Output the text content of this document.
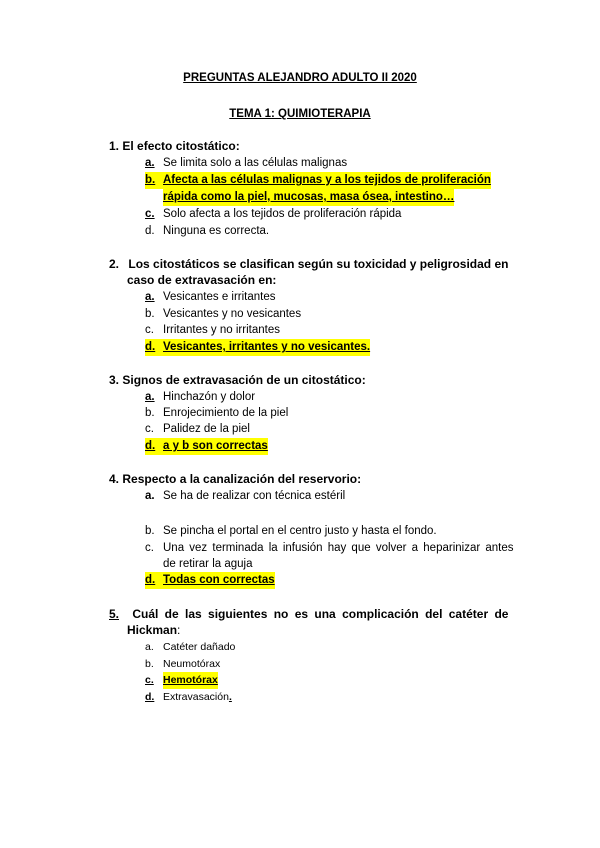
PREGUNTAS ALEJANDRO ADULTO II 2020
TEMA 1: QUIMIOTERAPIA
1. El efecto citostático:
a. Se limita solo a las células malignas
b. Afecta a las células malignas y a los tejidos de proliferación
rápida como la piel, mucosas, masa ósea, intestino…
c. Solo afecta a los tejidos de proliferación rápida
d. Ninguna es correcta.
2. Los citostáticos se clasifican según su toxicidad y peligrosidad en
caso de extravasación en:
a. Vesicantes e irritantes
b. Vesicantes y no vesicantes
c. Irritantes y no irritantes
d. Vesicantes, irritantes y no vesicantes.
3. Signos de extravasación de un citostático:
a. Hinchazón y dolor
b. Enrojecimiento de la piel
c. Palidez de la piel
d. a y b son correctas
4. Respecto a la canalización del reservorio:
a. Se ha de realizar con técnica estéril
b. Se pincha el portal en el centro justo y hasta el fondo.
c. Una vez terminada la infusión hay que volver a heparinizar antes
de retirar la aguja
d. Todas con correctas
5. Cuál de las siguientes no es una complicación del catéter de
Hickman:
a. Catéter dañado
b. Neumotórax
c. Hemotórax
d. Extravasación.
